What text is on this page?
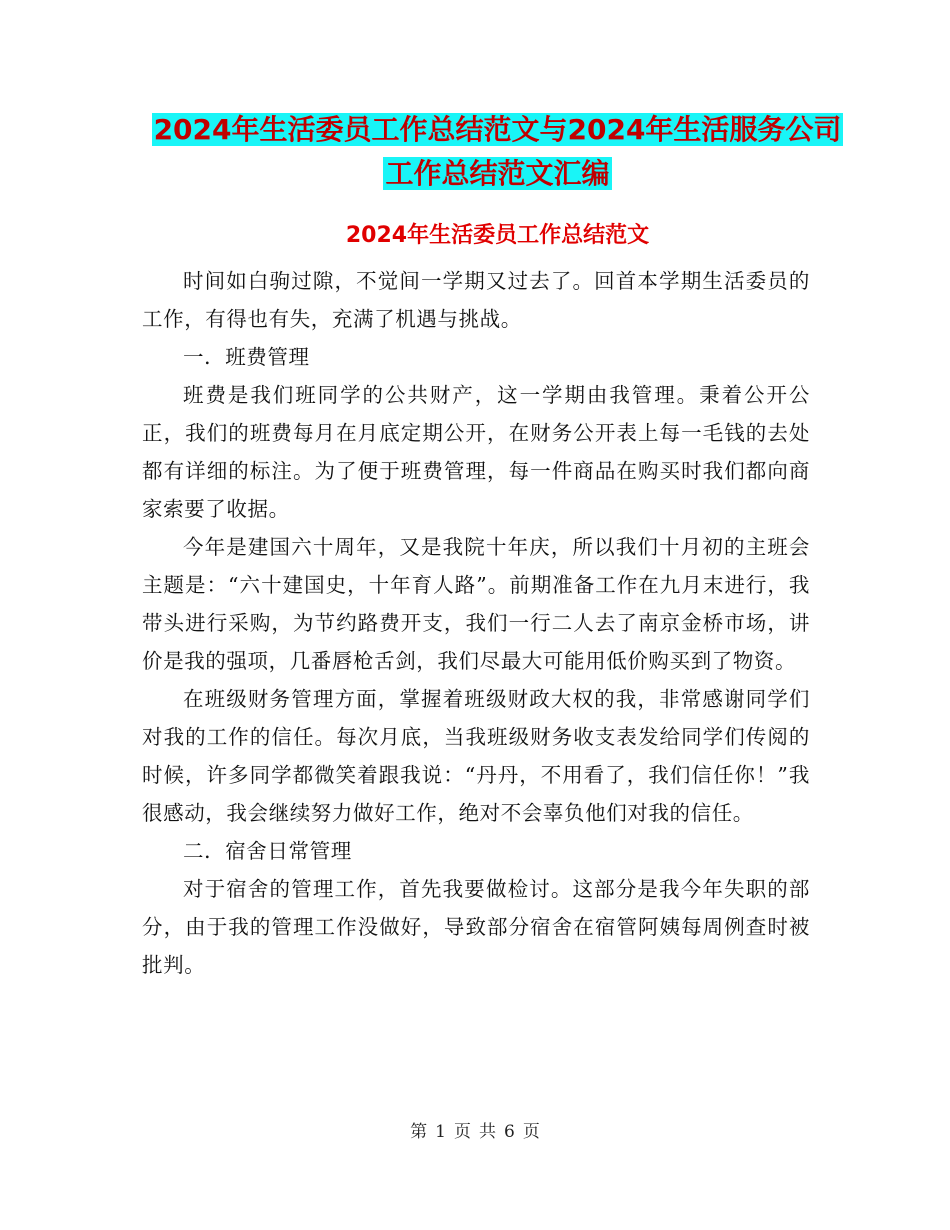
2024年生活委员工作总结范文与2024年生活服务公司
工作总结范文汇编
2024年生活委员工作总结范文

时间如白驹过隙，不觉间一学期又过去了。回首本学期生活委员的工作，有得也有失，充满了机遇与挑战。

一．班费管理

班费是我们班同学的公共财产，这一学期由我管理。秉着公开公正，我们的班费每月在月底定期公开，在财务公开表上每一毛钱的去处都有详细的标注。为了便于班费管理，每一件商品在购买时我们都向商家索要了收据。

今年是建国六十周年，又是我院十年庆，所以我们十月初的主班会主题是：“六十建国史，十年育人路”。前期准备工作在九月末进行，我带头进行采购，为节约路费开支，我们一行二人去了南京金桥市场，讲价是我的强项，几番唇枪舌剑，我们尽最大可能用低价购买到了物资。

在班级财务管理方面，掌握着班级财政大权的我，非常感谢同学们对我的工作的信任。每次月底，当我班级财务收支表发给同学们传阅的时候，许多同学都微笑着跟我说：“丹丹，不用看了，我们信任你！”我很感动，我会继续努力做好工作，绝对不会辜负他们对我的信任。

二．宿舍日常管理

对于宿舍的管理工作，首先我要做检讨。这部分是我今年失职的部分，由于我的管理工作没做好，导致部分宿舍在宿管阿姨每周例查时被批判。

第 1 页 共 6 页
